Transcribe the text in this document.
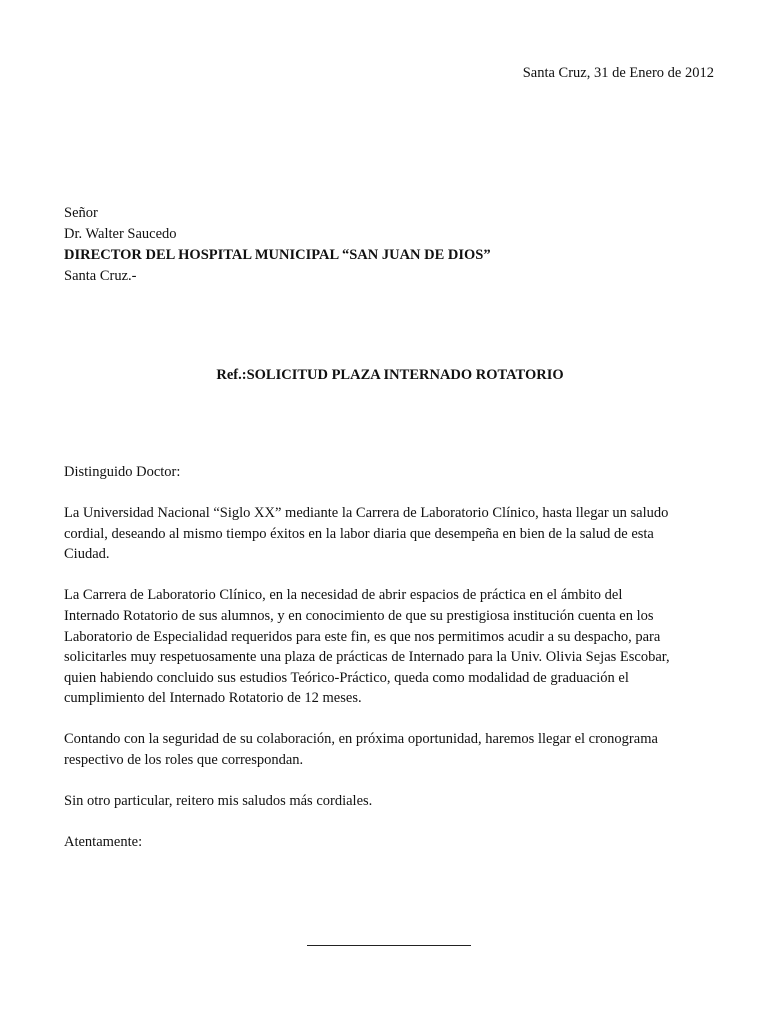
Santa Cruz, 31 de Enero de 2012
Señor
Dr. Walter Saucedo
DIRECTOR DEL HOSPITAL MUNICIPAL “SAN JUAN DE DIOS”
Santa Cruz.-
Ref.:SOLICITUD PLAZA INTERNADO ROTATORIO
Distinguido Doctor:
La Universidad Nacional “Siglo XX” mediante la Carrera de Laboratorio Clínico, hasta llegar un saludo
cordial, deseando al mismo tiempo éxitos en la labor diaria que desempeña en bien de la salud de esta
Ciudad.
La Carrera de Laboratorio Clínico, en la necesidad de abrir espacios de práctica en el ámbito del
Internado Rotatorio de sus alumnos, y en conocimiento de que su prestigiosa institución cuenta en los
Laboratorio de Especialidad requeridos para este fin, es que nos permitimos acudir a su despacho, para
solicitarles muy respetuosamente una plaza de prácticas de Internado para la Univ. Olivia Sejas Escobar,
quien habiendo concluido sus estudios Teórico-Práctico, queda como modalidad de graduación el
cumplimiento del Internado Rotatorio de 12 meses.
Contando con la seguridad de su colaboración, en próxima oportunidad, haremos llegar el cronograma
respectivo de los roles que correspondan.
Sin otro particular, reitero mis saludos más cordiales.
Atentamente:
